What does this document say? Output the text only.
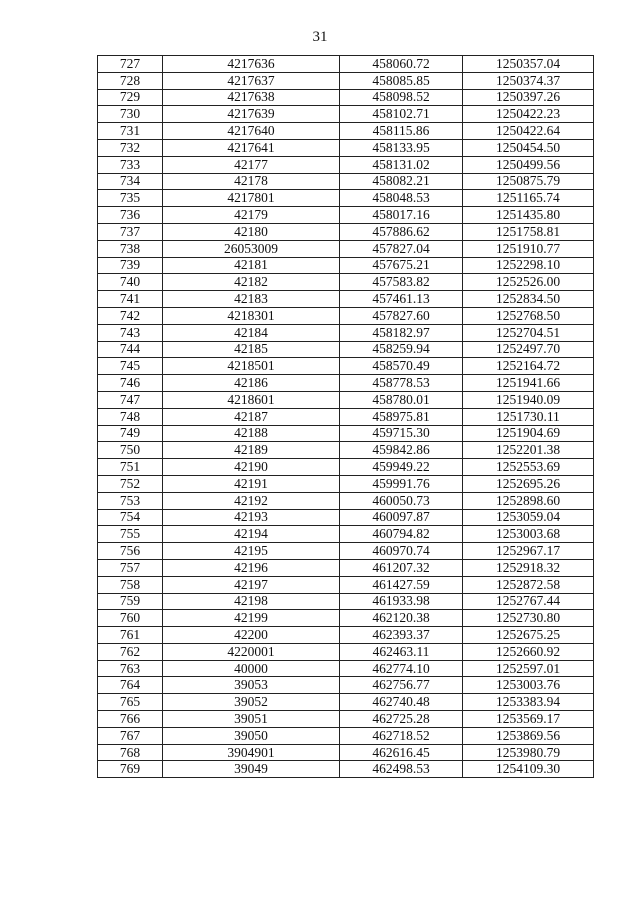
31
727	4217636	458060.72	1250357.04
728	4217637	458085.85	1250374.37
729	4217638	458098.52	1250397.26
730	4217639	458102.71	1250422.23
731	4217640	458115.86	1250422.64
732	4217641	458133.95	1250454.50
733	42177	458131.02	1250499.56
734	42178	458082.21	1250875.79
735	4217801	458048.53	1251165.74
736	42179	458017.16	1251435.80
737	42180	457886.62	1251758.81
738	26053009	457827.04	1251910.77
739	42181	457675.21	1252298.10
740	42182	457583.82	1252526.00
741	42183	457461.13	1252834.50
742	4218301	457827.60	1252768.50
743	42184	458182.97	1252704.51
744	42185	458259.94	1252497.70
745	4218501	458570.49	1252164.72
746	42186	458778.53	1251941.66
747	4218601	458780.01	1251940.09
748	42187	458975.81	1251730.11
749	42188	459715.30	1251904.69
750	42189	459842.86	1252201.38
751	42190	459949.22	1252553.69
752	42191	459991.76	1252695.26
753	42192	460050.73	1252898.60
754	42193	460097.87	1253059.04
755	42194	460794.82	1253003.68
756	42195	460970.74	1252967.17
757	42196	461207.32	1252918.32
758	42197	461427.59	1252872.58
759	42198	461933.98	1252767.44
760	42199	462120.38	1252730.80
761	42200	462393.37	1252675.25
762	4220001	462463.11	1252660.92
763	40000	462774.10	1252597.01
764	39053	462756.77	1253003.76
765	39052	462740.48	1253383.94
766	39051	462725.28	1253569.17
767	39050	462718.52	1253869.56
768	3904901	462616.45	1253980.79
769	39049	462498.53	1254109.30
